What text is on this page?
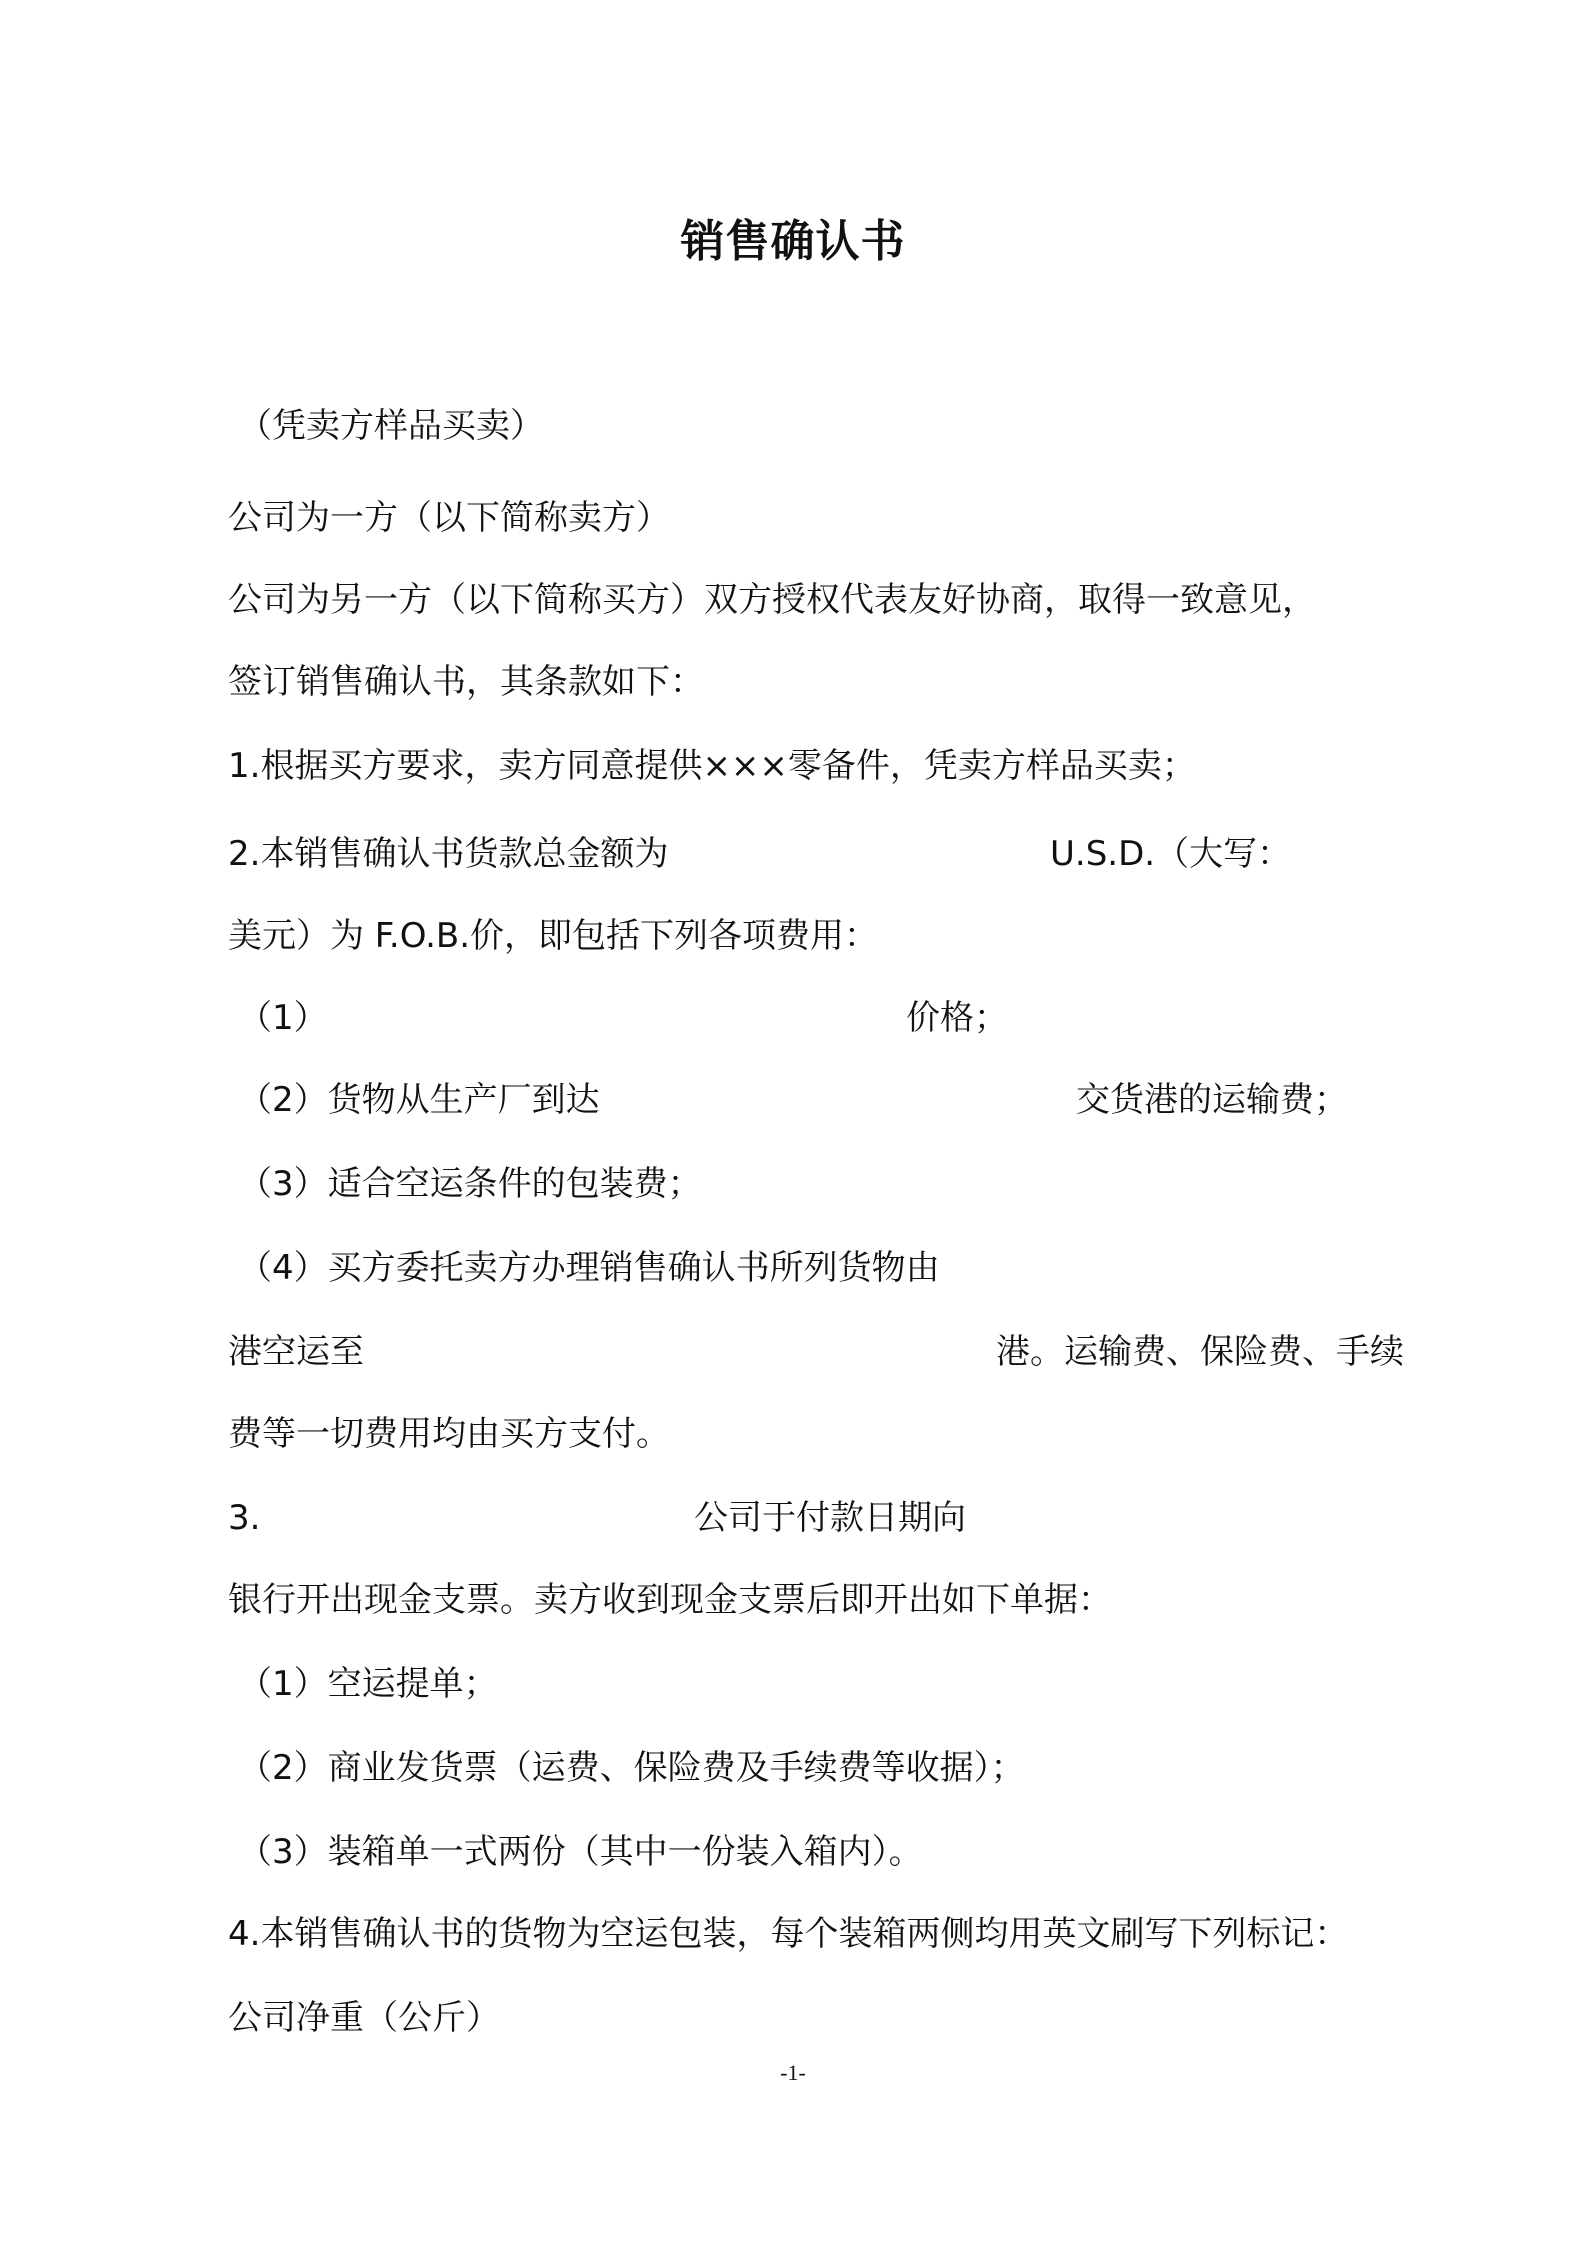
销售确认书
（凭卖方样品买卖）
公司为一方（以下简称卖方）
公司为另一方（以下简称买方）双方授权代表友好协商，取得一致意见，
签订销售确认书，其条款如下：
1.根据买方要求，卖方同意提供×××零备件，凭卖方样品买卖；
2.本销售确认书货款总金额为	U.S.D.（大写：
美元）为 F.O.B.价，即包括下列各项费用：
（1）	价格；
（2）货物从生产厂到达	交货港的运输费；
（3）适合空运条件的包装费；
（4）买方委托卖方办理销售确认书所列货物由
港空运至	港。运输费、保险费、手续
费等一切费用均由买方支付。
3.	公司于付款日期向
银行开出现金支票。卖方收到现金支票后即开出如下单据：
（1）空运提单；
（2）商业发货票（运费、保险费及手续费等收据）；
（3）装箱单一式两份（其中一份装入箱内）。
4.本销售确认书的货物为空运包装，每个装箱两侧均用英文刷写下列标记：
公司净重（公斤）
-1-
